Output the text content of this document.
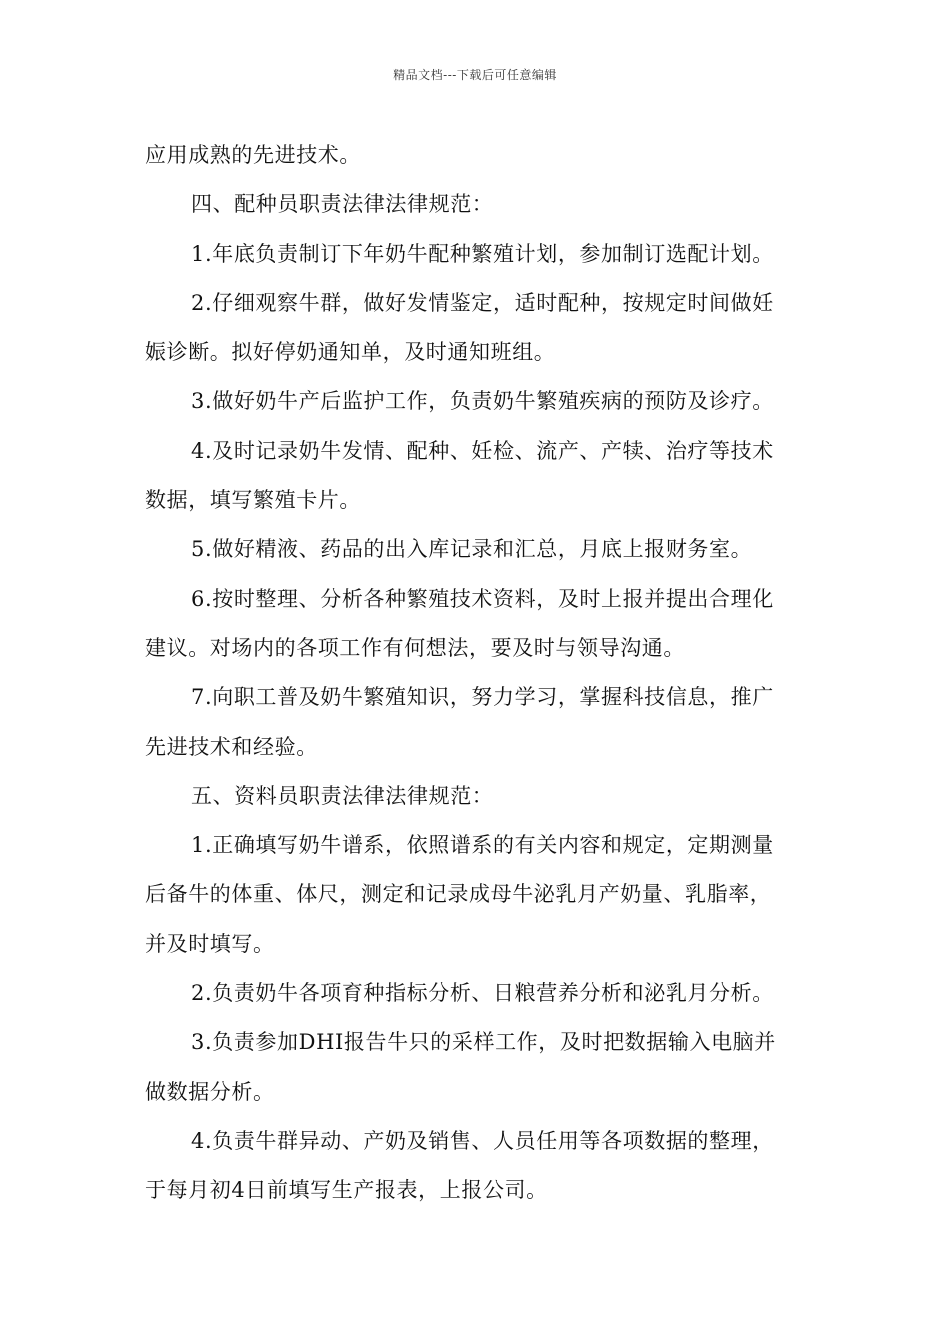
精品文档---下载后可任意编辑
应用成熟的先进技术。
四、配种员职责法律法律规范：
1.年底负责制订下年奶牛配种繁殖计划，参加制订选配计划。
2.仔细观察牛群，做好发情鉴定，适时配种，按规定时间做妊
娠诊断。拟好停奶通知单，及时通知班组。
3.做好奶牛产后监护工作，负责奶牛繁殖疾病的预防及诊疗。
4.及时记录奶牛发情、配种、妊检、流产、产犊、治疗等技术
数据，填写繁殖卡片。
5.做好精液、药品的出入库记录和汇总，月底上报财务室。
6.按时整理、分析各种繁殖技术资料，及时上报并提出合理化
建议。对场内的各项工作有何想法，要及时与领导沟通。
7.向职工普及奶牛繁殖知识，努力学习，掌握科技信息，推广
先进技术和经验。
五、资料员职责法律法律规范：
1.正确填写奶牛谱系，依照谱系的有关内容和规定，定期测量
后备牛的体重、体尺，测定和记录成母牛泌乳月产奶量、乳脂率，
并及时填写。
2.负责奶牛各项育种指标分析、日粮营养分析和泌乳月分析。
3.负责参加DHI报告牛只的采样工作，及时把数据输入电脑并
做数据分析。
4.负责牛群异动、产奶及销售、人员任用等各项数据的整理，
于每月初4日前填写生产报表，上报公司。
